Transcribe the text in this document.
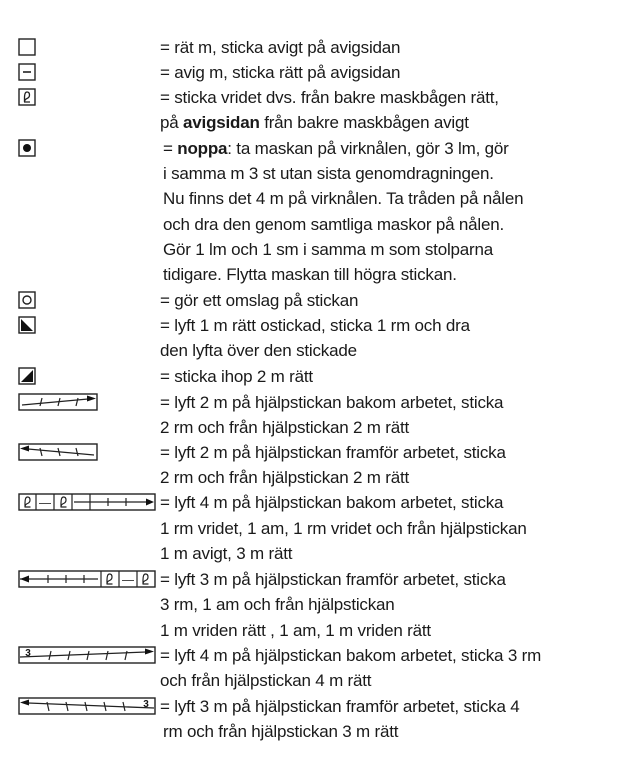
—
—
3
3
= rät m, sticka avigt på avigsidan
= avig m, sticka rätt på avigsidan
= sticka vridet dvs. från bakre maskbågen rätt,
på avigsidan från bakre maskbågen avigt
= noppa: ta maskan på virknålen, gör 3 lm, gör
i samma m 3 st utan sista genomdragningen.
Nu finns det 4 m på virknålen. Ta tråden på nålen
och dra den genom samtliga maskor på nålen.
Gör 1 lm och 1 sm i samma m som stolparna
tidigare. Flytta maskan till högra stickan.
= gör ett omslag på stickan
= lyft 1 m rätt ostickad, sticka 1 rm och dra
den lyfta över den stickade
= sticka ihop 2 m rätt
= lyft 2 m på hjälpstickan bakom arbetet, sticka
2 rm och från hjälpstickan 2 m rätt
= lyft 2 m på hjälpstickan framför arbetet, sticka
2 rm och från hjälpstickan 2 m rätt
= lyft 4 m på hjälpstickan bakom arbetet, sticka
1 rm vridet, 1 am, 1 rm vridet och från hjälpstickan
1 m avigt, 3 m rätt
= lyft 3 m på hjälpstickan framför arbetet, sticka
3 rm, 1 am och från hjälpstickan
1 m vriden rätt , 1 am, 1 m vriden rätt
= lyft 4 m på hjälpstickan bakom arbetet, sticka 3 rm
och från hjälpstickan 4 m rätt
= lyft 3 m på hjälpstickan framför arbetet, sticka 4
rm och från hjälpstickan 3 m rätt
